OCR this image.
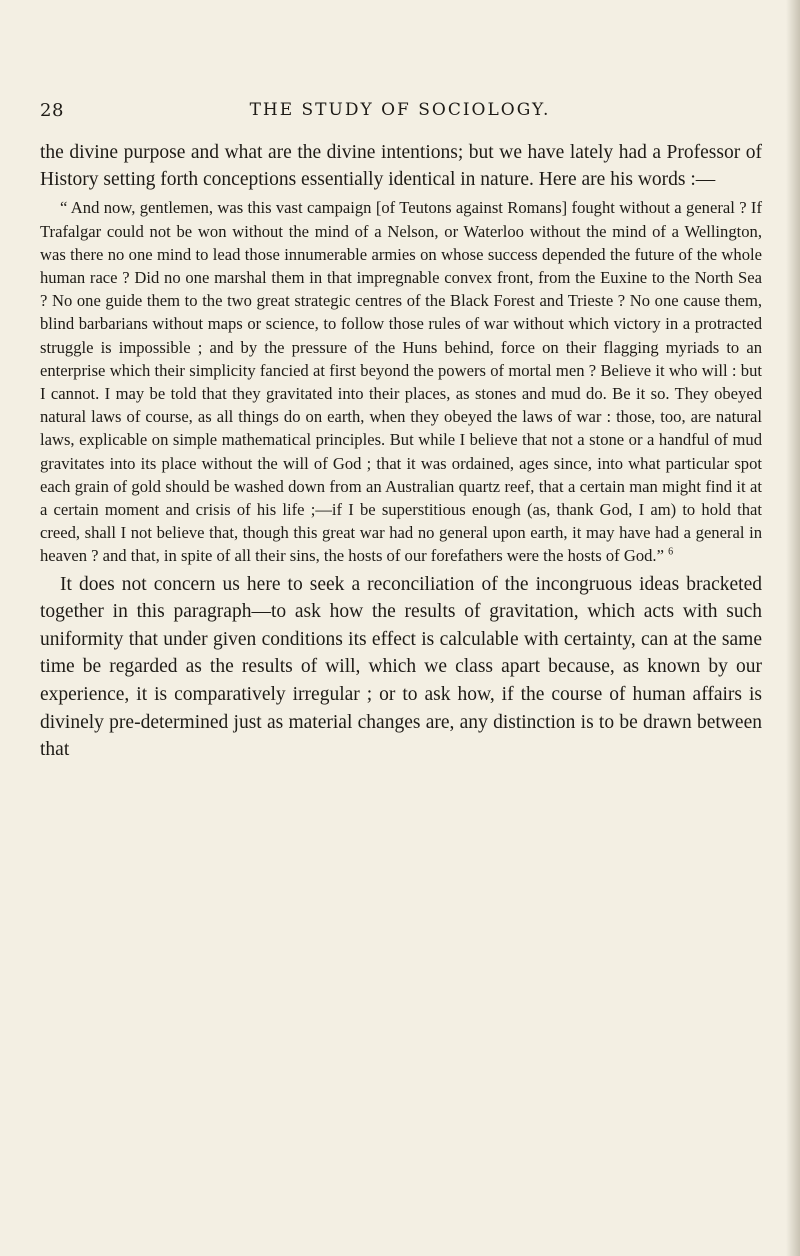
28	THE STUDY OF SOCIOLOGY.

the divine purpose and what are the divine intentions; but we have lately had a Professor of History setting forth conceptions essentially identical in nature. Here are his words :—

“ And now, gentlemen, was this vast campaign [of Teutons against Romans] fought without a general ? If Trafalgar could not be won without the mind of a Nelson, or Waterloo without the mind of a Wellington, was there no one mind to lead those innumerable armies on whose success depended the future of the whole human race ? Did no one marshal them in that impregnable convex front, from the Euxine to the North Sea ? No one guide them to the two great strategic centres of the Black Forest and Trieste ? No one cause them, blind barbarians without maps or science, to follow those rules of war without which victory in a protracted struggle is impossible ; and by the pressure of the Huns behind, force on their flagging myriads to an enterprise which their simplicity fancied at first beyond the powers of mortal men ? Believe it who will : but I cannot. I may be told that they gravitated into their places, as stones and mud do. Be it so. They obeyed natural laws of course, as all things do on earth, when they obeyed the laws of war : those, too, are natural laws, explicable on simple mathematical principles. But while I believe that not a stone or a handful of mud gravitates into its place without the will of God ; that it was ordained, ages since, into what particular spot each grain of gold should be washed down from an Australian quartz reef, that a certain man might find it at a certain moment and crisis of his life ;—if I be superstitious enough (as, thank God, I am) to hold that creed, shall I not believe that, though this great war had no general upon earth, it may have had a general in heaven ? and that, in spite of all their sins, the hosts of our forefathers were the hosts of God.” $^6$

It does not concern us here to seek a reconciliation of the incongruous ideas bracketed together in this paragraph—to ask how the results of gravitation, which acts with such uniformity that under given conditions its effect is calculable with certainty, can at the same time be regarded as the results of will, which we class apart because, as known by our experience, it is comparatively irregular ; or to ask how, if the course of human affairs is divinely pre-determined just as material changes are, any distinction is to be drawn between that
